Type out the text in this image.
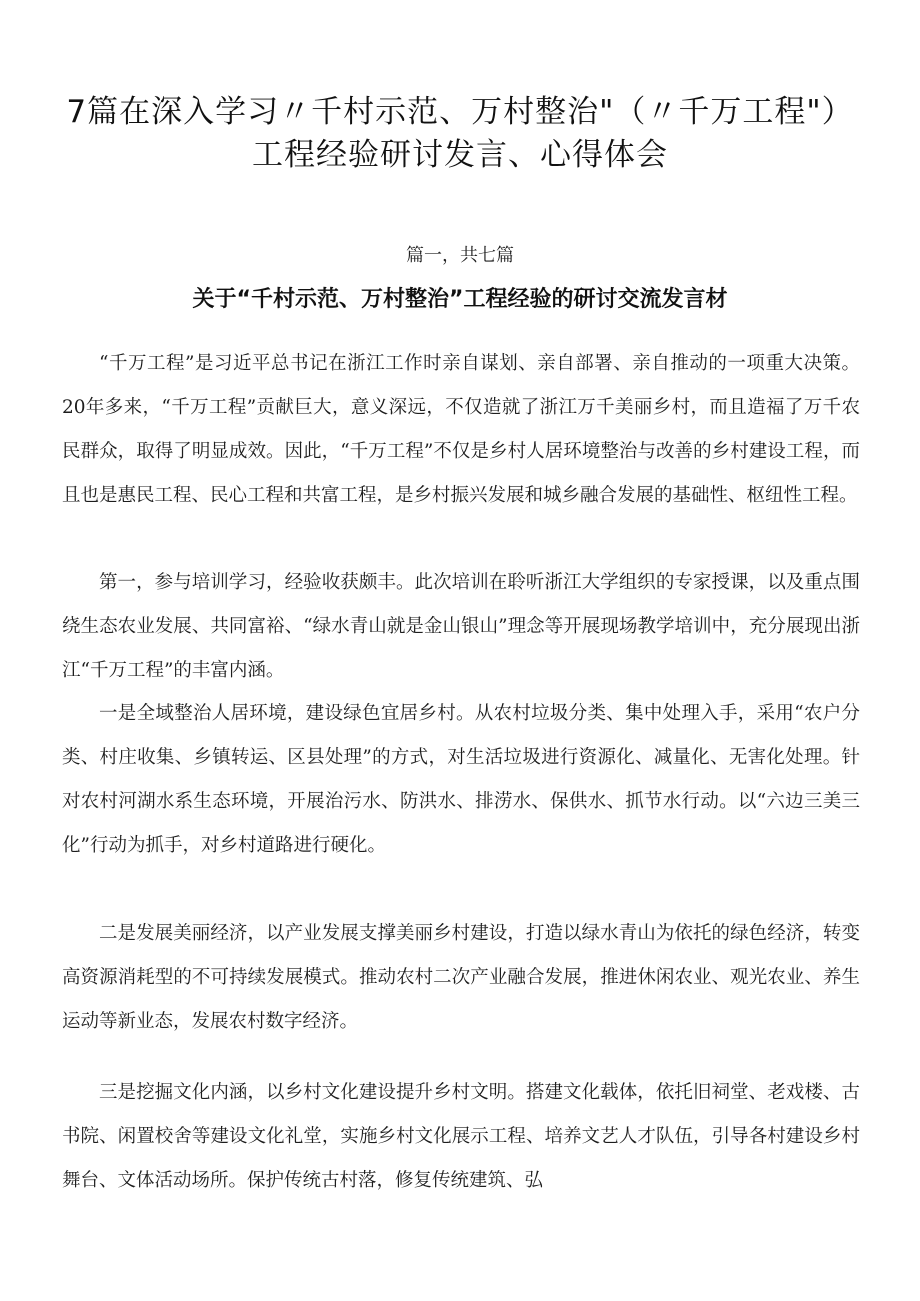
7篇在深入学习〃千村示范、万村整治"（〃千万工程"）
工程经验研讨发言、心得体会
篇一，共七篇
关于“千村示范、万村整治”工程经验的研讨交流发言材

“千万工程”是习近平总书记在浙江工作时亲自谋划、亲自部署、亲自推动的一项重大决策。20年多来，“千万工程”贡献巨大，意义深远，不仅造就了浙江万千美丽乡村，而且造福了万千农民群众，取得了明显成效。因此，“千万工程”不仅是乡村人居环境整治与改善的乡村建设工程，而且也是惠民工程、民心工程和共富工程，是乡村振兴发展和城乡融合发展的基础性、枢纽性工程。

第一，参与培训学习，经验收获颇丰。此次培训在聆听浙江大学组织的专家授课，以及重点围绕生态农业发展、共同富裕、“绿水青山就是金山银山”理念等开展现场教学培训中，充分展现出浙江“千万工程”的丰富内涵。

一是全域整治人居环境，建设绿色宜居乡村。从农村垃圾分类、集中处理入手，采用“农户分类、村庄收集、乡镇转运、区县处理”的方式，对生活垃圾进行资源化、减量化、无害化处理。针对农村河湖水系生态环境，开展治污水、防洪水、排涝水、保供水、抓节水行动。以“六边三美三化”行动为抓手，对乡村道路进行硬化。

二是发展美丽经济，以产业发展支撑美丽乡村建设，打造以绿水青山为依托的绿色经济，转变高资源消耗型的不可持续发展模式。推动农村二次产业融合发展，推进休闲农业、观光农业、养生运动等新业态，发展农村数字经济。

三是挖掘文化内涵，以乡村文化建设提升乡村文明。搭建文化载体，依托旧祠堂、老戏楼、古书院、闲置校舍等建设文化礼堂，实施乡村文化展示工程、培养文艺人才队伍，引导各村建设乡村舞台、文体活动场所。保护传统古村落，修复传统建筑、弘
